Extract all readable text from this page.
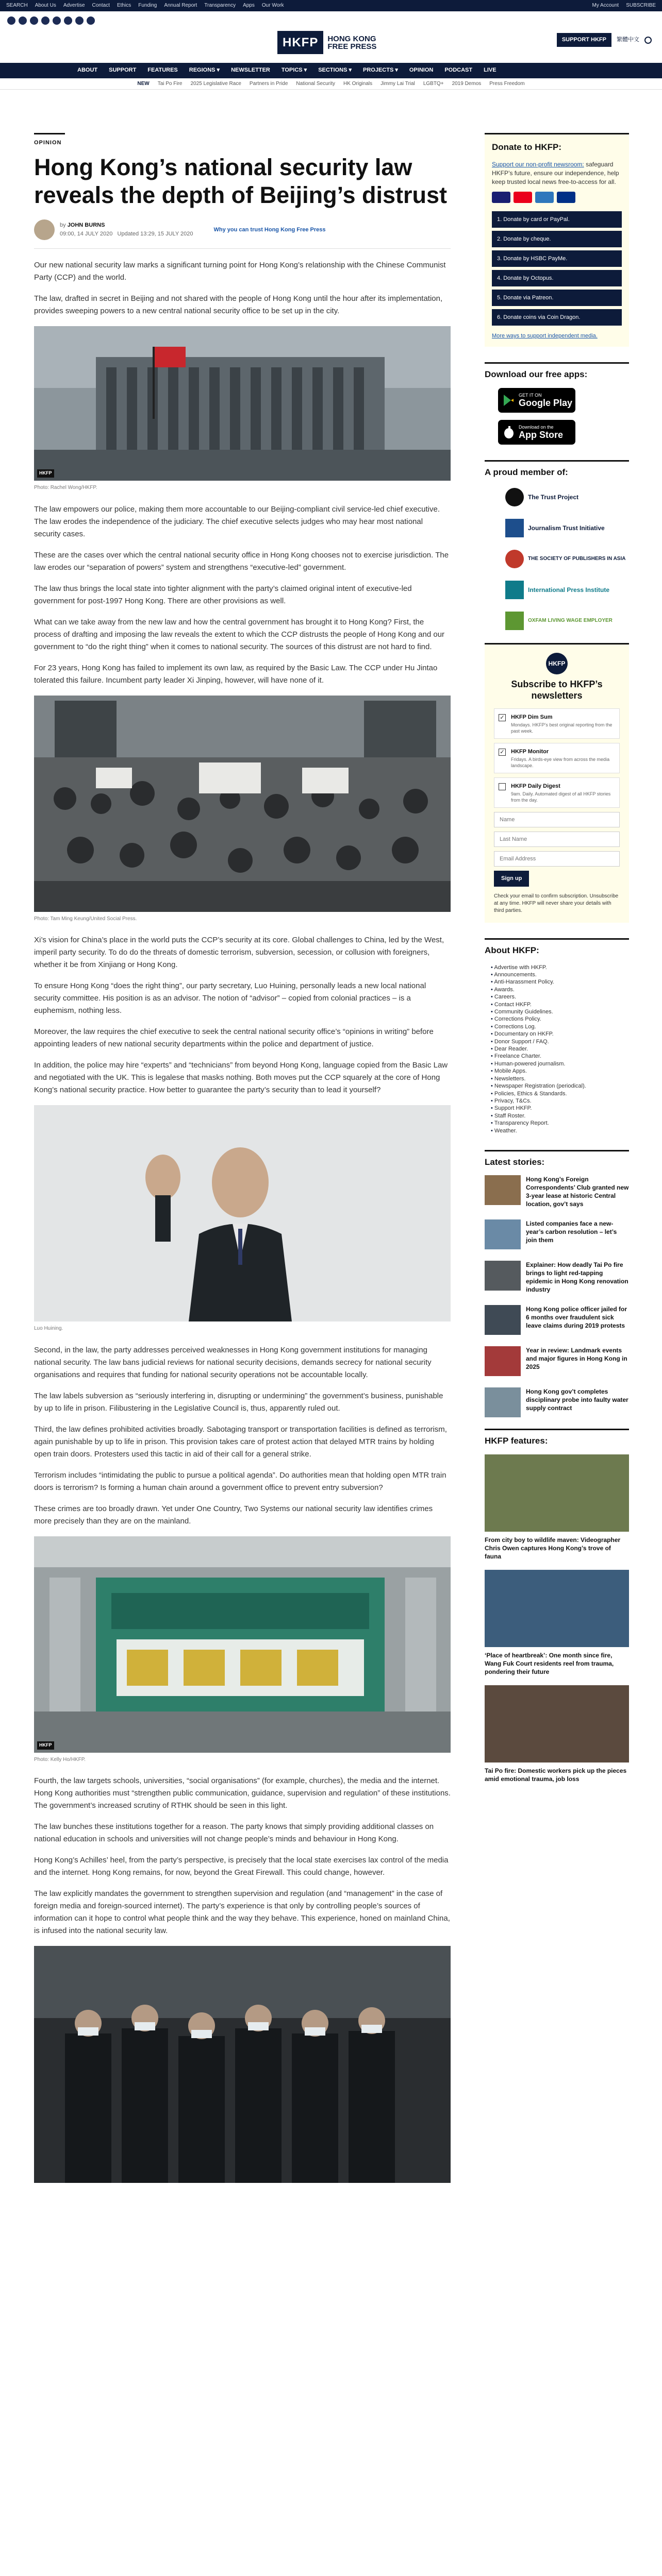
SEARCH About Us Advertise Contact Ethics Funding Annual Report Transparency Apps Our Work	My Account SUBSCRIBE
HKFP	HONG KONG FREE PRESS
SUPPORT HKFP	繁體中文
ABOUT SUPPORT FEATURES REGIONS ▾ NEWSLETTER TOPICS ▾ SECTIONS ▾ PROJECTS ▾ OPINION PODCAST LIVE
NEW Tai Po Fire 2025 Legislative Race Partners in Pride National Security HK Originals Jimmy Lai Trial LGBTQ+ 2019 Demos Press Freedom
OPINION
Hong Kong’s national security law reveals the depth of Beijing’s distrust
by JOHN BURNS
09:00, 14 JULY 2020 Updated 13:29, 15 JULY 2020
Why you can trust Hong Kong Free Press

Our new national security law marks a significant turning point for Hong Kong’s relationship with the Chinese Communist Party (CCP) and the world.

The law, drafted in secret in Beijing and not shared with the people of Hong Kong until the hour after its implementation, provides sweeping powers to a new central national security office to be set up in the city.

HKFP
Photo: Rachel Wong/HKFP.

The law empowers our police, making them more accountable to our Beijing-compliant civil service-led chief executive. The law erodes the independence of the judiciary. The chief executive selects judges who may hear most national security cases.

These are the cases over which the central national security office in Hong Kong chooses not to exercise jurisdiction. The law erodes our “separation of powers” system and strengthens “executive-led” government.

The law thus brings the local state into tighter alignment with the party’s claimed original intent of executive-led government for post-1997 Hong Kong. There are other provisions as well.

What can we take away from the new law and how the central government has brought it to Hong Kong? First, the process of drafting and imposing the law reveals the extent to which the CCP distrusts the people of Hong Kong and our government to “do the right thing” when it comes to national security. The sources of this distrust are not hard to find.

For 23 years, Hong Kong has failed to implement its own law, as required by the Basic Law. The CCP under Hu Jintao tolerated this failure. Incumbent party leader Xi Jinping, however, will have none of it.

Photo: Tam Ming Keung/United Social Press.

Xi’s vision for China’s place in the world puts the CCP’s security at its core. Global challenges to China, led by the West, imperil party security. To do do the threats of domestic terrorism, subversion, secession, or collusion with foreigners, whether it be from Xinjiang or Hong Kong.

To ensure Hong Kong “does the right thing”, our party secretary, Luo Huining, personally leads a new local national security committee. His position is as an advisor. The notion of “advisor” – copied from colonial practices – is a euphemism, nothing less.

Moreover, the law requires the chief executive to seek the central national security office’s “opinions in writing” before appointing leaders of new national security departments within the police and department of justice.

In addition, the police may hire “experts” and “technicians” from beyond Hong Kong, language copied from the Basic Law and negotiated with the UK. This is legalese that masks nothing. Both moves put the CCP squarely at the core of Hong Kong’s national security practice. How better to guarantee the party’s security than to lead it yourself?

Luo Huining.

Second, in the law, the party addresses perceived weaknesses in Hong Kong government institutions for managing national security. The law bans judicial reviews for national security decisions, demands secrecy for national security organisations and requires that funding for national security operations not be accountable locally.

The law labels subversion as “seriously interfering in, disrupting or undermining” the government’s business, punishable by up to life in prison. Filibustering in the Legislative Council is, thus, apparently ruled out.

Third, the law defines prohibited activities broadly. Sabotaging transport or transportation facilities is defined as terrorism, again punishable by up to life in prison. This provision takes care of protest action that delayed MTR trains by holding open train doors. Protesters used this tactic in aid of their call for a general strike.

Terrorism includes “intimidating the public to pursue a political agenda”. Do authorities mean that holding open MTR train doors is terrorism? Is forming a human chain around a government office to prevent entry subversion?

These crimes are too broadly drawn. Yet under One Country, Two Systems our national security law identifies crimes more precisely than they are on the mainland.

HKFP
Photo: Kelly Ho/HKFP.

Fourth, the law targets schools, universities, “social organisations” (for example, churches), the media and the internet. Hong Kong authorities must “strengthen public communication, guidance, supervision and regulation” of these institutions. The government’s increased scrutiny of RTHK should be seen in this light.

The law bunches these institutions together for a reason. The party knows that simply providing additional classes on national education in schools and universities will not change people’s minds and behaviour in Hong Kong.

Hong Kong’s Achilles’ heel, from the party’s perspective, is precisely that the local state exercises lax control of the media and the internet. Hong Kong remains, for now, beyond the Great Firewall. This could change, however.

The law explicitly mandates the government to strengthen supervision and regulation (and “management” in the case of foreign media and foreign-sourced internet). The party’s experience is that only by controlling people’s sources of information can it hope to control what people think and the way they behave. This experience, honed on mainland China, is infused into the national security law.

Donate to HKFP:
Support our non-profit newsroom: safeguard HKFP’s future, ensure our independence, help keep trusted local news free-to-access for all.
1. Donate by card or PayPal.
2. Donate by cheque.
3. Donate by HSBC PayMe.
4. Donate by Octopus.
5. Donate via Patreon.
6. Donate coins via Coin Dragon.
More ways to support independent media.
Download our free apps:
GET IT ON
Google Play
Download on the
App Store
A proud member of:
The Trust Project
Journalism Trust Initiative
THE SOCIETY OF PUBLISHERS IN ASIA
International Press Institute
OXFAM LIVING WAGE EMPLOYER
HKFP
Subscribe to HKFP’s newsletters
✓ HKFP Dim Sum
Mondays. HKFP’s best original reporting from the past week.
✓ HKFP Monitor
Fridays. A birds-eye view from across the media landscape.
HKFP Daily Digest
9am. Daily. Automated digest of all HKFP stories from the day.
Name Last Name Email Address
Sign up
Check your email to confirm subscription. Unsubscribe at any time. HKFP will never share your details with third parties.
About HKFP:
• Advertise with HKFP.
• Announcements.
• Anti-Harassment Policy.
• Awards.
• Careers.
• Contact HKFP.
• Community Guidelines.
• Corrections Policy.
• Corrections Log.
• Documentary on HKFP.
• Donor Support / FAQ.
• Dear Reader.
• Freelance Charter.
• Human-powered journalism.
• Mobile Apps.
• Newsletters.
• Newspaper Registration (periodical).
• Policies, Ethics & Standards.
• Privacy, T&Cs.
• Support HKFP.
• Staff Roster.
• Transparency Report.
• Weather.
Latest stories:
Hong Kong’s Foreign Correspondents’ Club granted new 3-year lease at historic Central location, gov’t says
Listed companies face a new-year’s carbon resolution – let’s join them
Explainer: How deadly Tai Po fire brings to light red-tapping epidemic in Hong Kong renovation industry
Hong Kong police officer jailed for 6 months over fraudulent sick leave claims during 2019 protests
Year in review: Landmark events and major figures in Hong Kong in 2025
Hong Kong gov’t completes disciplinary probe into faulty water supply contract
HKFP features:
From city boy to wildlife maven: Videographer Chris Owen captures Hong Kong’s trove of fauna
‘Place of heartbreak’: One month since fire, Wang Fuk Court residents reel from trauma, pondering their future
Tai Po fire: Domestic workers pick up the pieces amid emotional trauma, job loss
